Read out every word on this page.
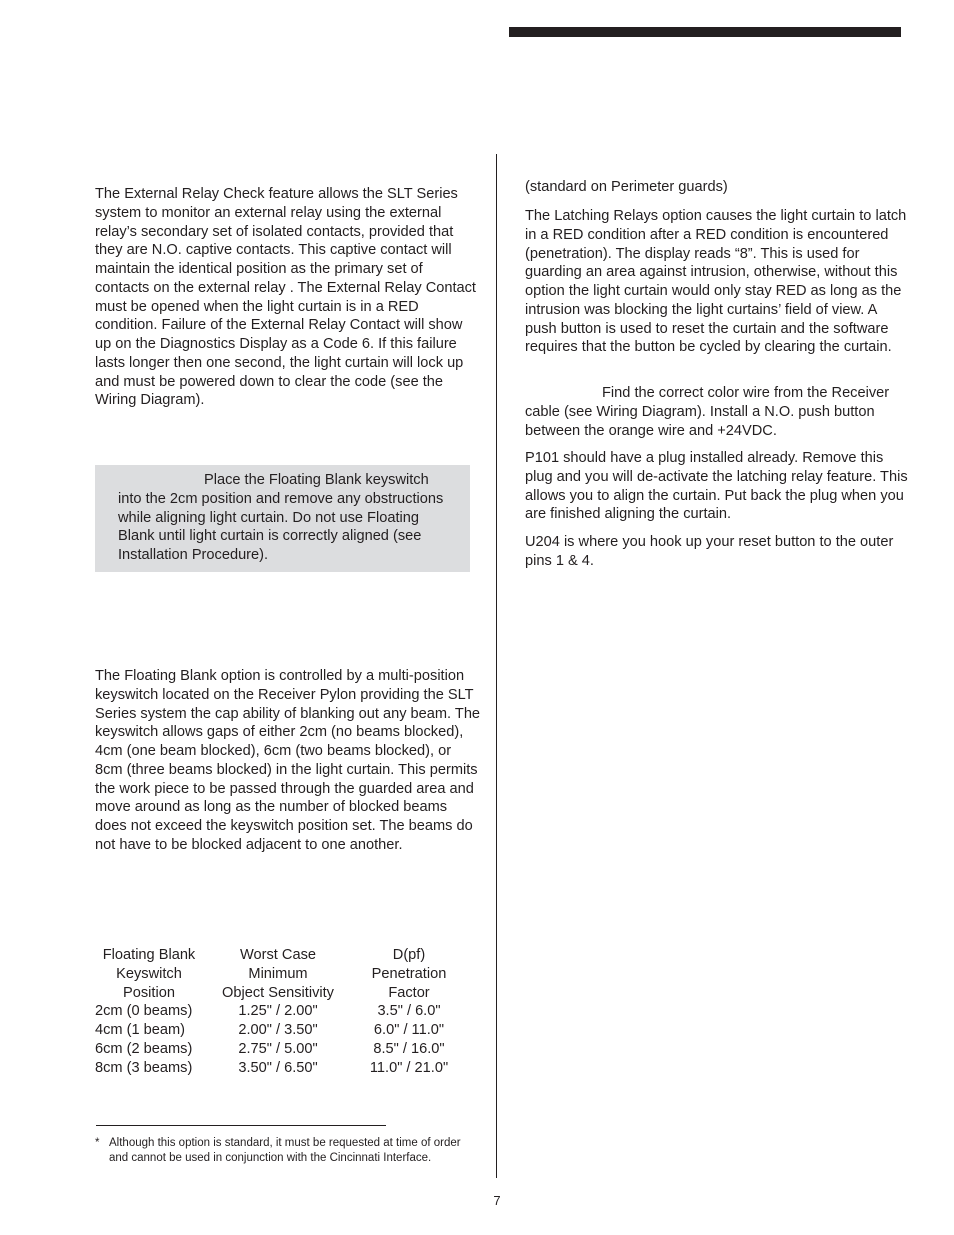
The External Relay Check feature allows the SLT Series system to monitor an external relay using the external relay’s secondary set of isolated contacts, provided that they are N.O. captive contacts. This captive contact will maintain the identical position as the primary set of contacts on the external relay . The External Relay Contact must be opened when the light curtain is in a RED condition. Failure of the External Relay Contact will show up on the Diagnostics Display as a Code 6. If this failure lasts longer then one second, the light curtain will lock up and must be powered down to clear the code (see the Wiring Diagram).

Place the Floating Blank keyswitch into the 2cm position and remove any obstructions while aligning light curtain. Do not use Floating Blank until light curtain is correctly aligned (see Installation Procedure).

The Floating Blank option is controlled by a multi-position keyswitch located on the Receiver Pylon providing the SLT Series system the cap ability of blanking out any beam. The keyswitch allows gaps of either 2cm (no beams blocked), 4cm (one beam blocked), 6cm (two beams blocked), or 8cm (three beams blocked) in the light curtain. This permits the work piece to be passed through the guarded area and move around as long as the number of blocked beams does not exceed the keyswitch position set. The beams do not have to be blocked adjacent to one another.

Floating Blank	Worst Case	D(pf)
Keyswitch	Minimum	Penetration
Position	Object Sensitivity	Factor
2cm (0 beams)	1.25" / 2.00"	3.5" / 6.0"
4cm (1 beam)	2.00" / 3.50"	6.0" / 11.0"
6cm (2 beams)	2.75" / 5.00"	8.5" / 16.0"
8cm (3 beams)	3.50" / 6.50"	11.0" / 21.0"
* Although this option is standard, it must be requested at time of order and cannot be used in conjunction with the Cincinnati Interface.

(standard on Perimeter guards)

The Latching Relays option causes the light curtain to latch in a RED condition after a RED condition is encountered (penetration). The display reads “8”. This is used for guarding an area against intrusion, otherwise, without this option the light curtain would only stay RED as long as the intrusion was blocking the light curtains’ field of view. A push button is used to reset the curtain and the software requires that the button be cycled by clearing the curtain.

Find the correct color wire from the Receiver cable (see Wiring Diagram). Install a N.O. push button between the orange wire and +24VDC.

P101 should have a plug installed already. Remove this plug and you will de-activate the latching relay feature. This allows you to align the curtain. Put back the plug when you are finished aligning the curtain.

U204 is where you hook up your reset button to the outer pins 1 & 4.

7
